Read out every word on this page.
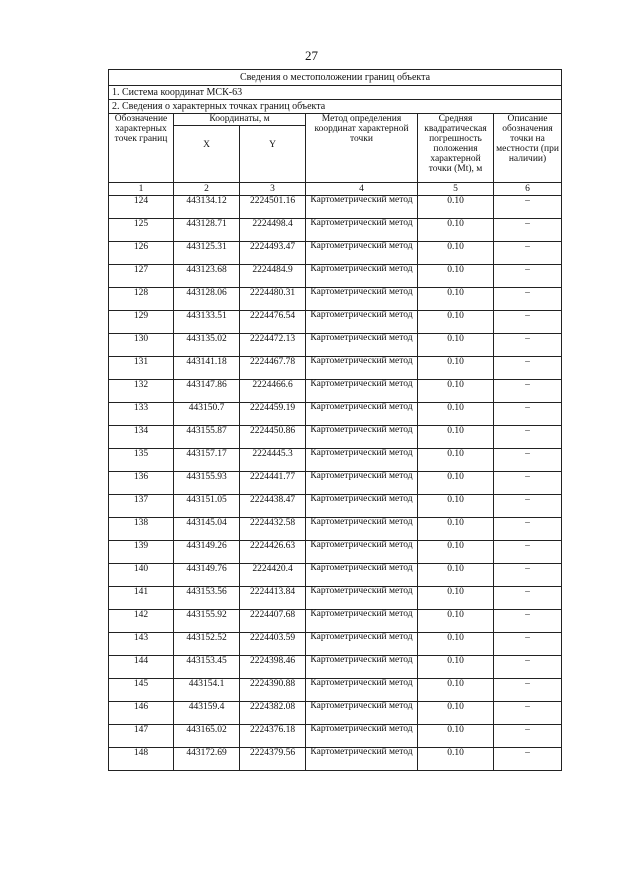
27
Сведения о местоположении границ объекта					
1. Система координат МСК-63					
2. Сведения о характерных точках границ объекта					
Обозначение характерных точек границ	Координаты, м		Метод определения координат характерной точки	Средняя квадратическая погрешность положения характерной точки (Mt), м	Описание обозначения точки на местности (при наличии)
	X	Y			
1	2	3	4	5	6
124	443134.12	2224501.16	Картометрический метод	0.10	–
125	443128.71	2224498.4	Картометрический метод	0.10	–
126	443125.31	2224493.47	Картометрический метод	0.10	–
127	443123.68	2224484.9	Картометрический метод	0.10	–
128	443128.06	2224480.31	Картометрический метод	0.10	–
129	443133.51	2224476.54	Картометрический метод	0.10	–
130	443135.02	2224472.13	Картометрический метод	0.10	–
131	443141.18	2224467.78	Картометрический метод	0.10	–
132	443147.86	2224466.6	Картометрический метод	0.10	–
133	443150.7	2224459.19	Картометрический метод	0.10	–
134	443155.87	2224450.86	Картометрический метод	0.10	–
135	443157.17	2224445.3	Картометрический метод	0.10	–
136	443155.93	2224441.77	Картометрический метод	0.10	–
137	443151.05	2224438.47	Картометрический метод	0.10	–
138	443145.04	2224432.58	Картометрический метод	0.10	–
139	443149.26	2224426.63	Картометрический метод	0.10	–
140	443149.76	2224420.4	Картометрический метод	0.10	–
141	443153.56	2224413.84	Картометрический метод	0.10	–
142	443155.92	2224407.68	Картометрический метод	0.10	–
143	443152.52	2224403.59	Картометрический метод	0.10	–
144	443153.45	2224398.46	Картометрический метод	0.10	–
145	443154.1	2224390.88	Картометрический метод	0.10	–
146	443159.4	2224382.08	Картометрический метод	0.10	–
147	443165.02	2224376.18	Картометрический метод	0.10	–
148	443172.69	2224379.56	Картометрический метод	0.10	–
